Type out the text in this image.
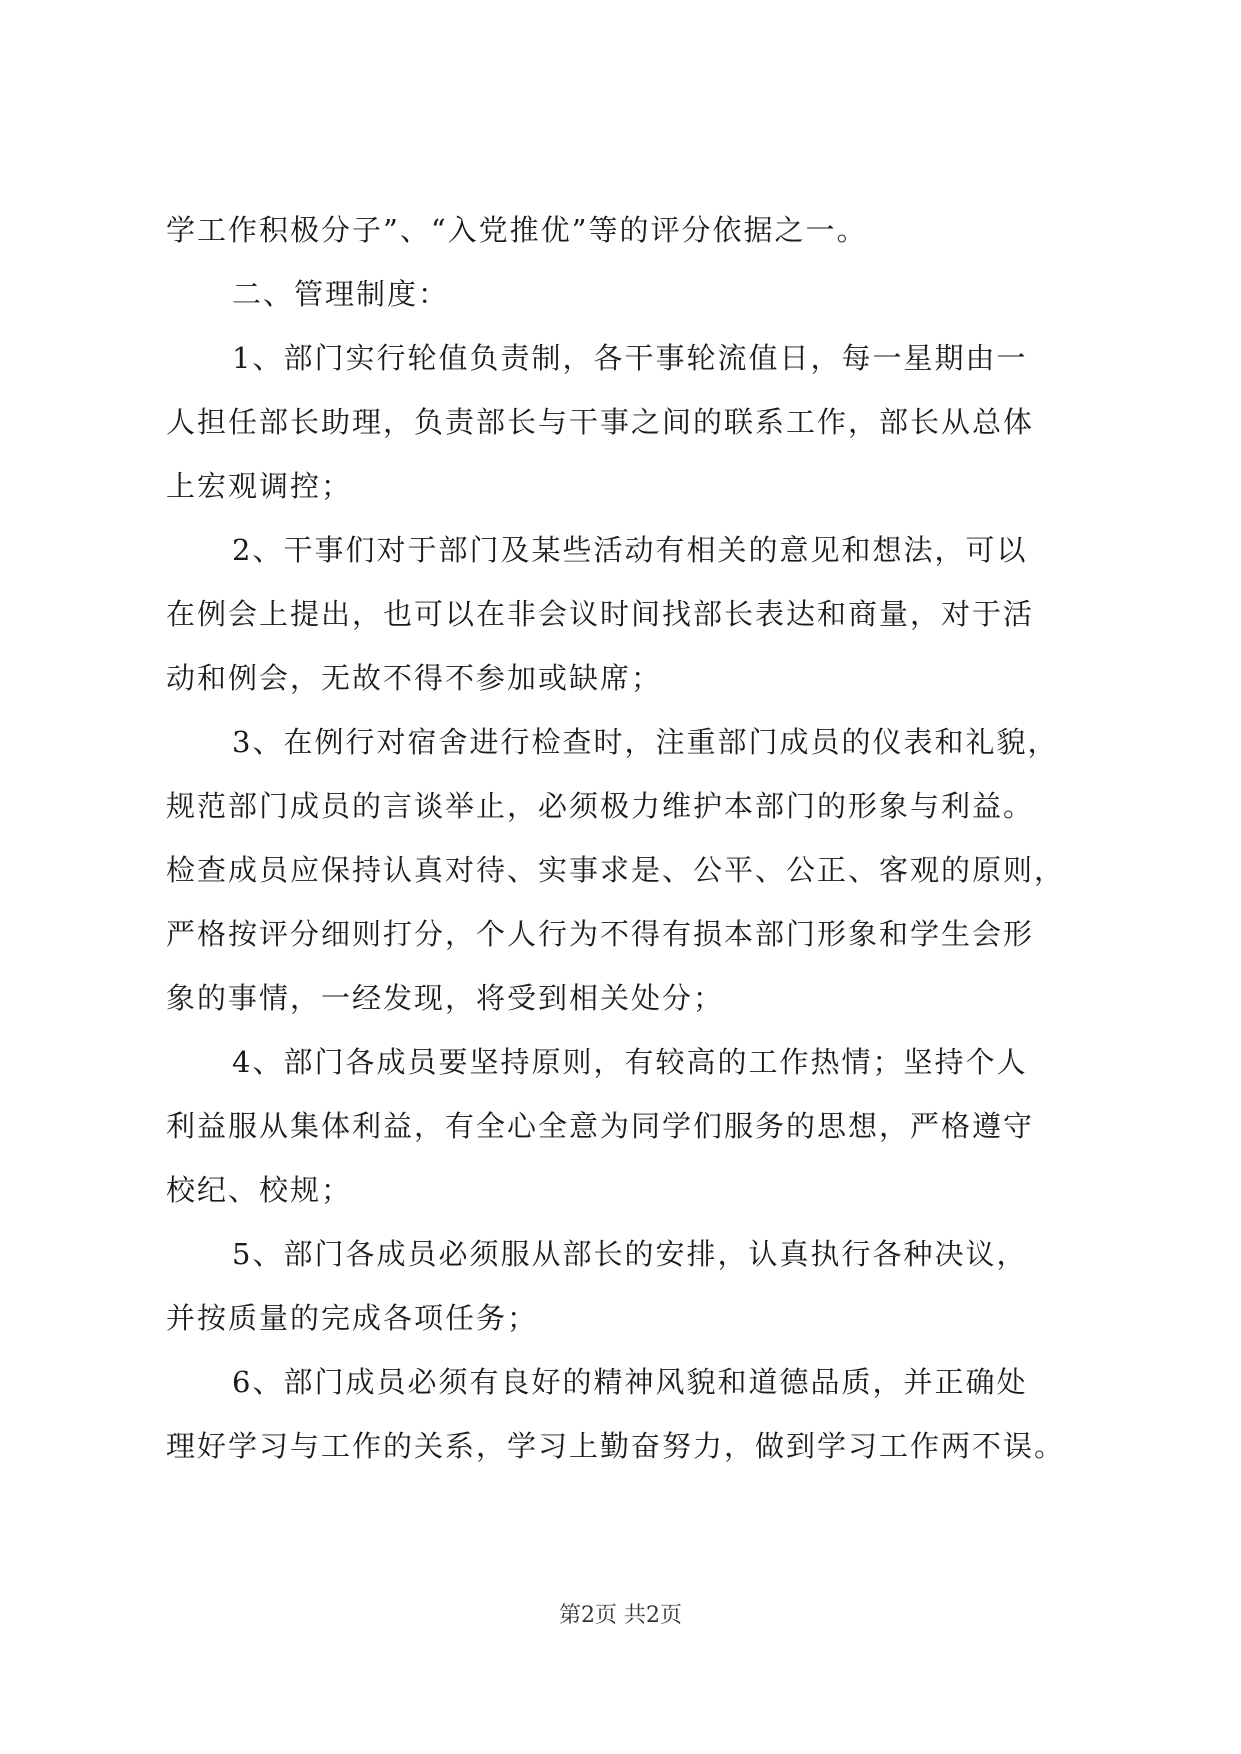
学工作积极分子”、“入党推优”等的评分依据之一。
二、管理制度：
1、部门实行轮值负责制，各干事轮流值日，每一星期由一
人担任部长助理，负责部长与干事之间的联系工作，部长从总体
上宏观调控；
2、干事们对于部门及某些活动有相关的意见和想法，可以
在例会上提出，也可以在非会议时间找部长表达和商量，对于活
动和例会，无故不得不参加或缺席；
3、在例行对宿舍进行检查时，注重部门成员的仪表和礼貌，
规范部门成员的言谈举止，必须极力维护本部门的形象与利益。
检查成员应保持认真对待、实事求是、公平、公正、客观的原则，
严格按评分细则打分，个人行为不得有损本部门形象和学生会形
象的事情，一经发现，将受到相关处分；
4、部门各成员要坚持原则，有较高的工作热情；坚持个人
利益服从集体利益，有全心全意为同学们服务的思想，严格遵守
校纪、校规；
5、部门各成员必须服从部长的安排，认真执行各种决议，
并按质量的完成各项任务；
6、部门成员必须有良好的精神风貌和道德品质，并正确处
理好学习与工作的关系，学习上勤奋努力，做到学习工作两不误。
第2页 共2页
